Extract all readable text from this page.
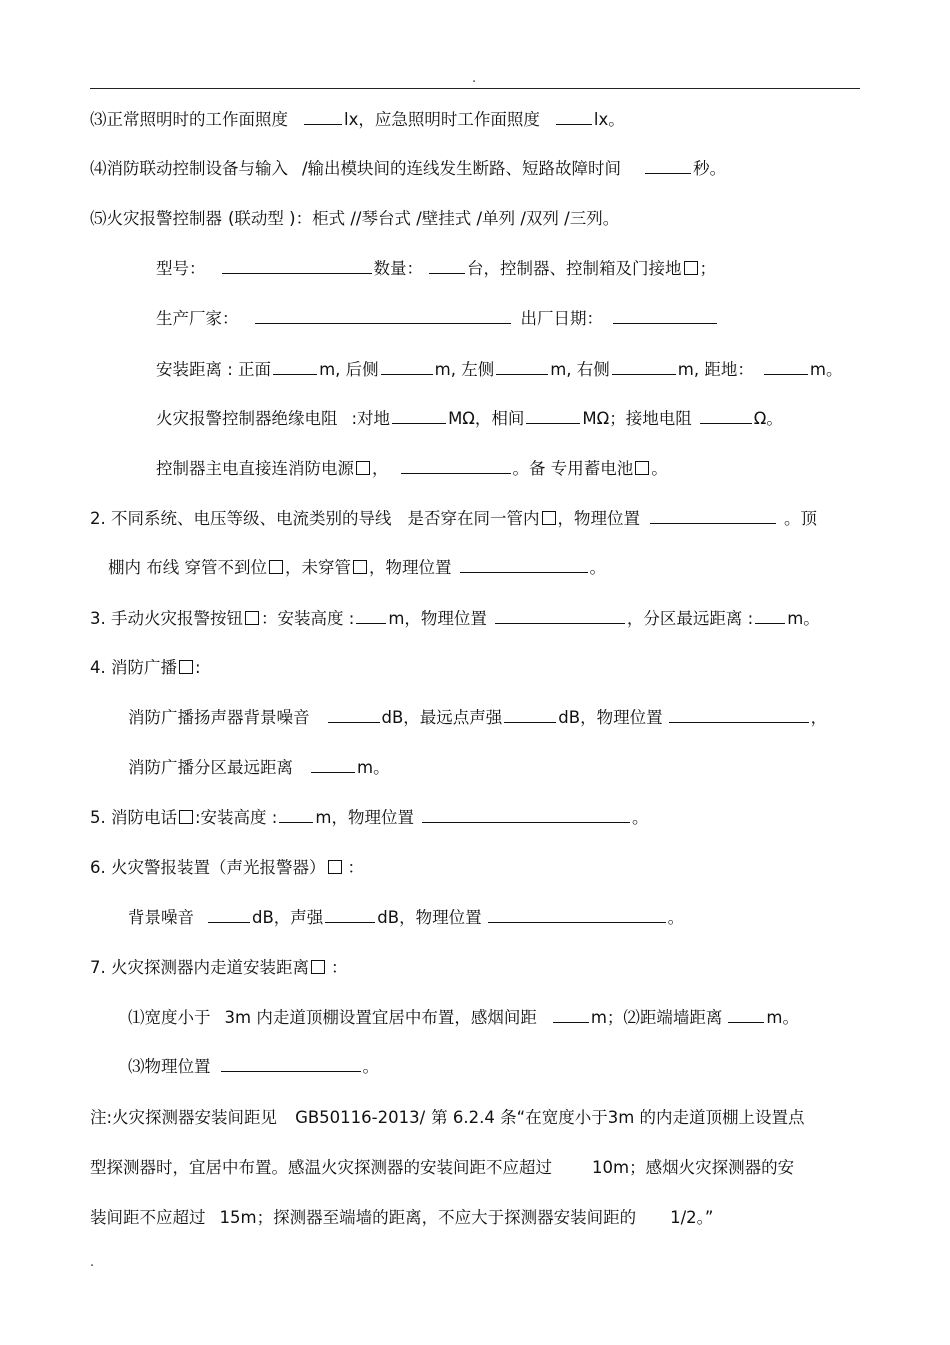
.
⑶正常照明时的工作面照度	lx，应急照明时工作面照度	lx。
⑷消防联动控制设备与输入 /输出模块间的连线发生断路、短路故障时间	秒。
⑸火灾报警控制器 (联动型 )：柜式 //琴台式 /壁挂式 /单列 /双列 /三列。
型号：	数量：	台，控制器、控制箱及门接地 ；
生产厂家：	出厂日期：
安装距离 : 正面	m, 后侧	m, 左侧	m, 右侧	m, 距地：	m。
火灾报警控制器绝缘电阻 :对地	MΩ，相间	MΩ；接地电阻	Ω。
控制器主电直接连消防电源 ，	。备 专用蓄电池 。
2. 不同系统、电压等级、电流类别的导线 是否穿在同一管内 ，物理位置	。顶
棚内 布线 穿管不到位 ，未穿管 ，物理位置	。
3. 手动火灾报警按钮 ：安装高度 : m，物理位置	，分区最远距离 : m。
4. 消防广播 :
消防广播扬声器背景噪音	dB，最远点声强	dB，物理位置	，
消防广播分区最远距离	m。
5. 消防电话 :安装高度 : m，物理位置	。
6. 火灾警报装置（声光报警器） ：
背景噪音	dB，声强	dB，物理位置	。
7. 火灾探测器内走道安装距离 ：
⑴宽度小于 3m 内走道顶棚设置宜居中布置，感烟间距	m；⑵距端墙距离	m。
⑶物理位置	。
注:火灾探测器安装间距见 GB50116-2013/ 第 6.2.4 条“在宽度小于3m 的内走道顶棚上设置点
型探测器时，宜居中布置。感温火灾探测器的安装间距不应超过 10m；感烟火灾探测器的安
装间距不应超过 15m；探测器至端墙的距离，不应大于探测器安装间距的 1/2。”
.
